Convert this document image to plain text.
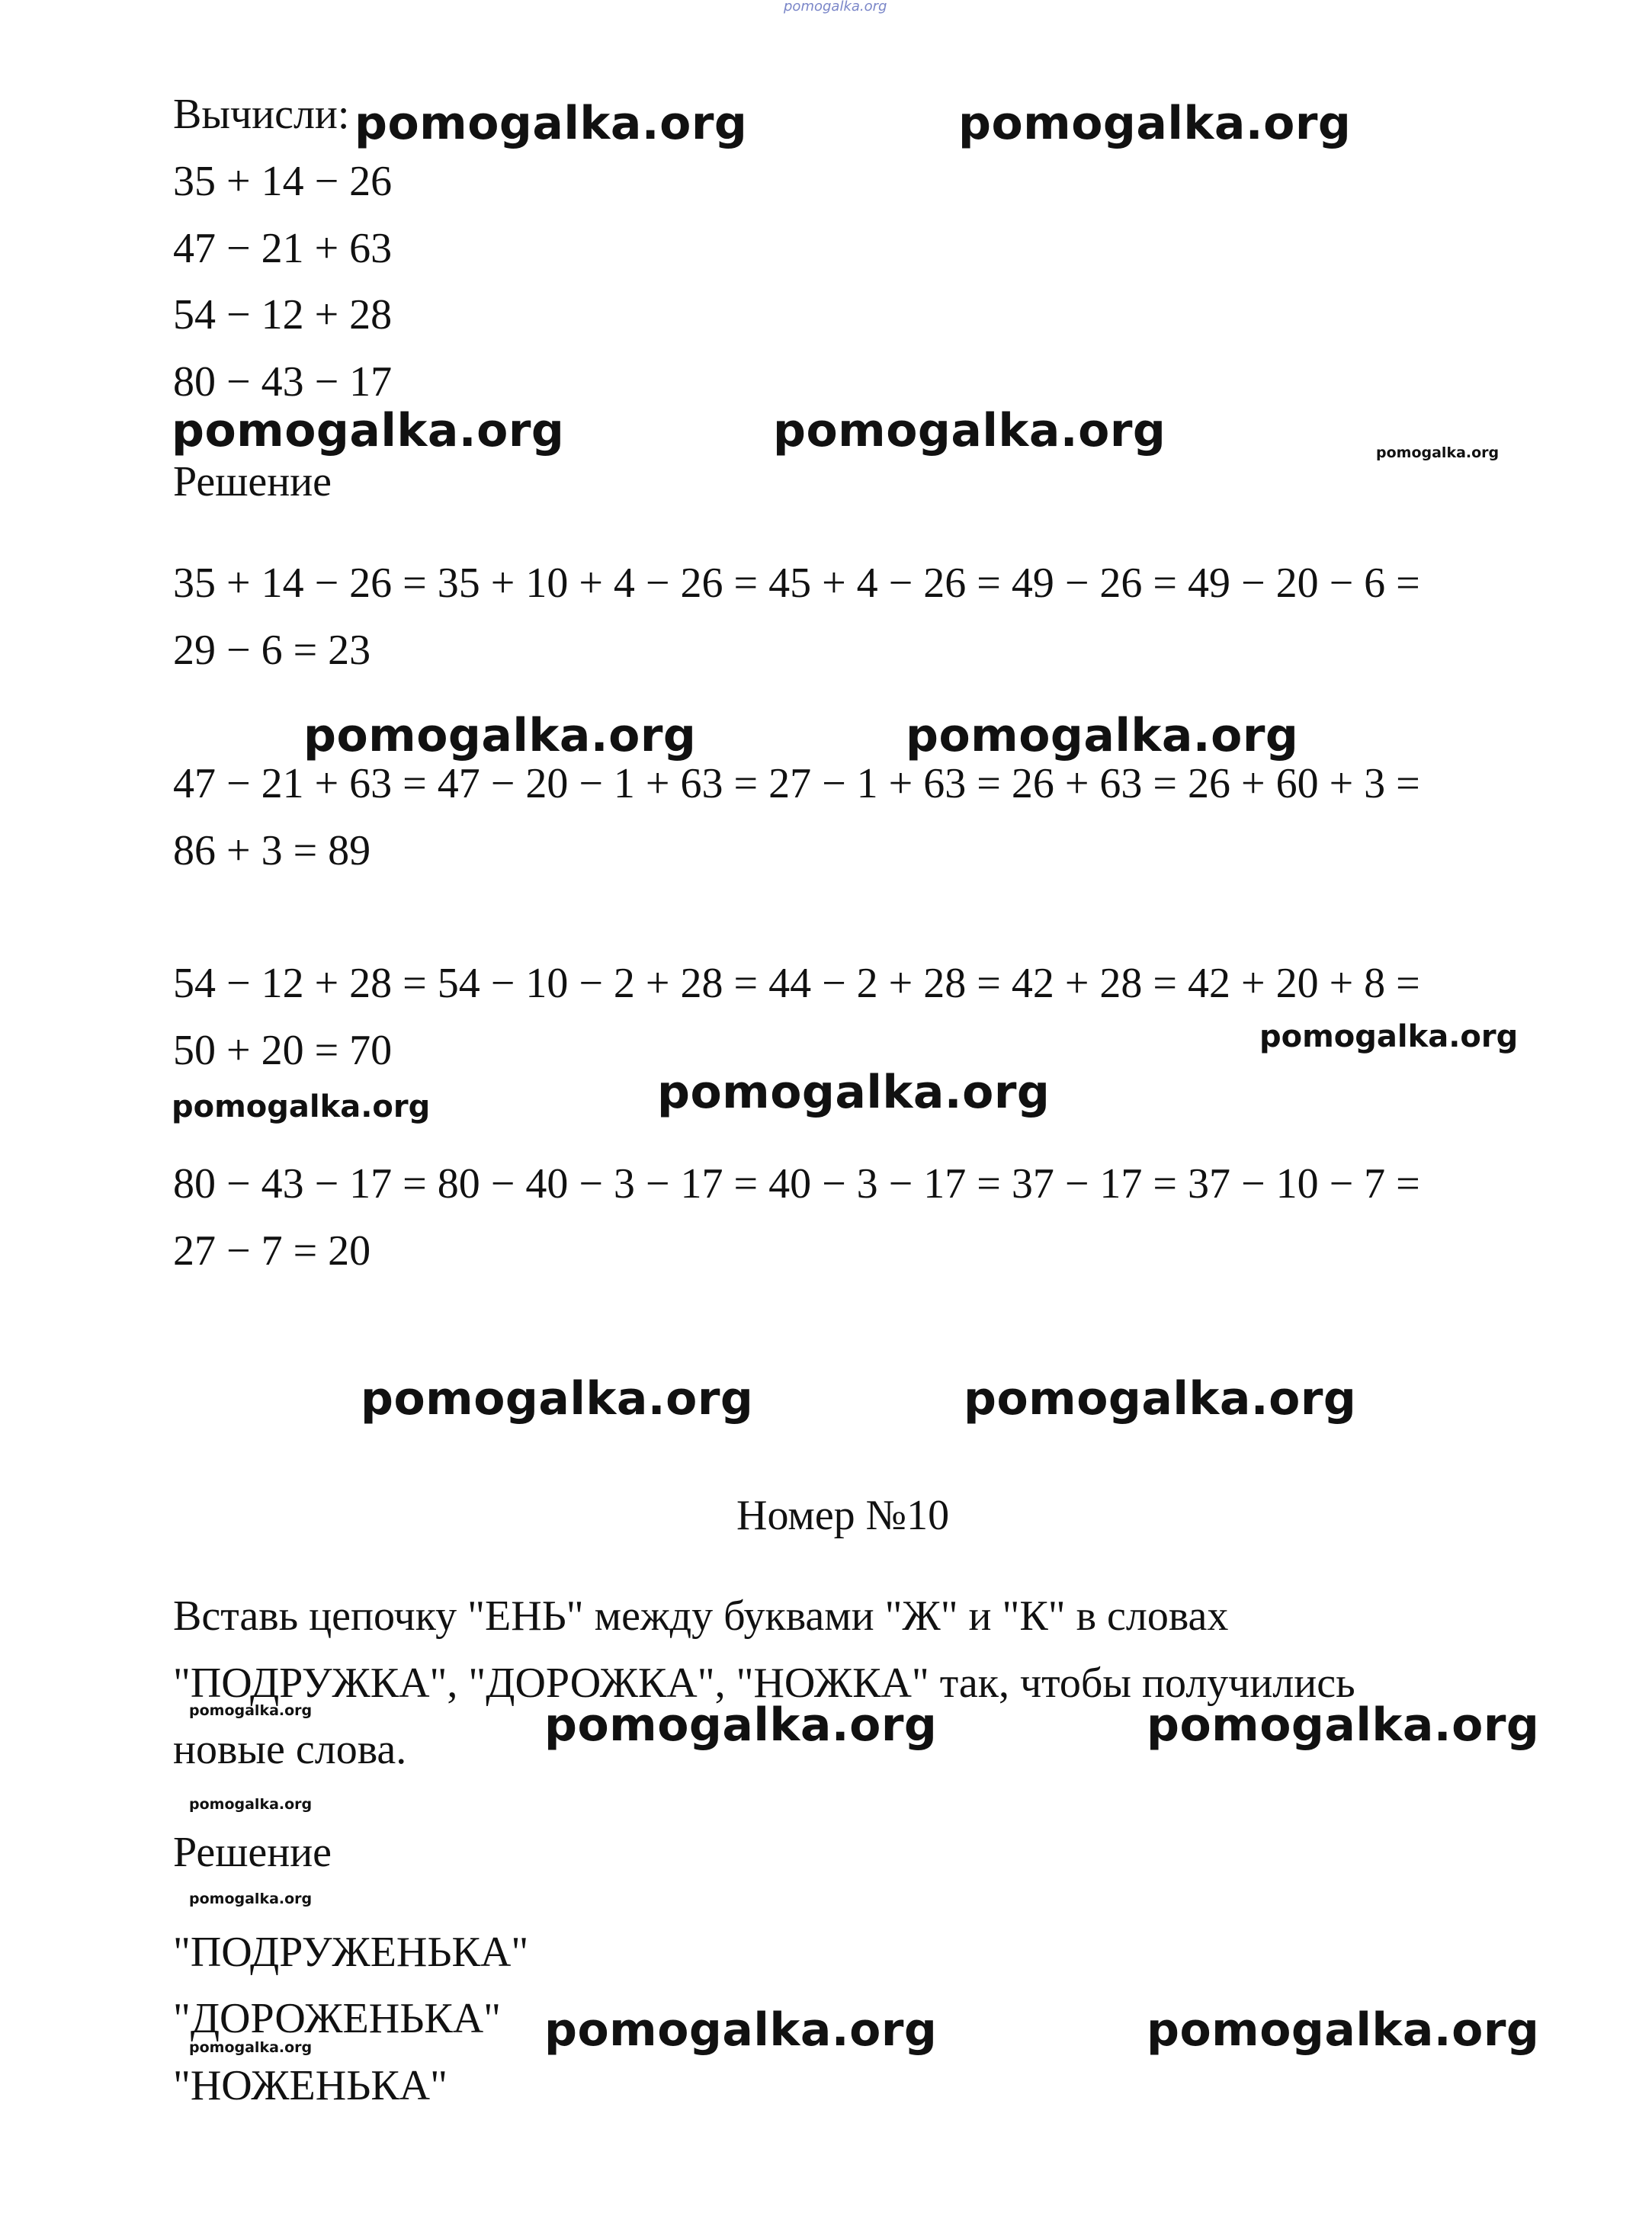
pomogalka.org
Вычисли:
35 + 14 − 26
47 − 21 + 63
54 − 12 + 28
80 − 43 − 17
pomogalka.org	pomogalka.org
pomogalka.org	pomogalka.org	pomogalka.org
Решение
35 + 14 − 26 = 35 + 10 + 4 − 26 = 45 + 4 − 26 = 49 − 26 = 49 − 20 − 6 =
29 − 6 = 23
pomogalka.org	pomogalka.org
47 − 21 + 63 = 47 − 20 − 1 + 63 = 27 − 1 + 63 = 26 + 63 = 26 + 60 + 3 =
86 + 3 = 89
54 − 12 + 28 = 54 − 10 − 2 + 28 = 44 − 2 + 28 = 42 + 28 = 42 + 20 + 8 =
pomogalka.org
50 + 20 = 70
pomogalka.org	pomogalka.org
80 − 43 − 17 = 80 − 40 − 3 − 17 = 40 − 3 − 17 = 37 − 17 = 37 − 10 − 7 =
27 − 7 = 20
pomogalka.org	pomogalka.org
Номер №10
Вставь цепочку "ЕНЬ" между буквами "Ж" и "К" в словах
"ПОДРУЖКА", "ДОРОЖКА", "НОЖКА" так, чтобы получились
pomogalka.org
новые слова.	pomogalka.org	pomogalka.org
pomogalka.org
Решение
pomogalka.org
"ПОДРУЖЕНЬКА"
"ДОРОЖЕНЬКА"
pomogalka.org
"НОЖЕНЬКА"
pomogalka.org	pomogalka.org
